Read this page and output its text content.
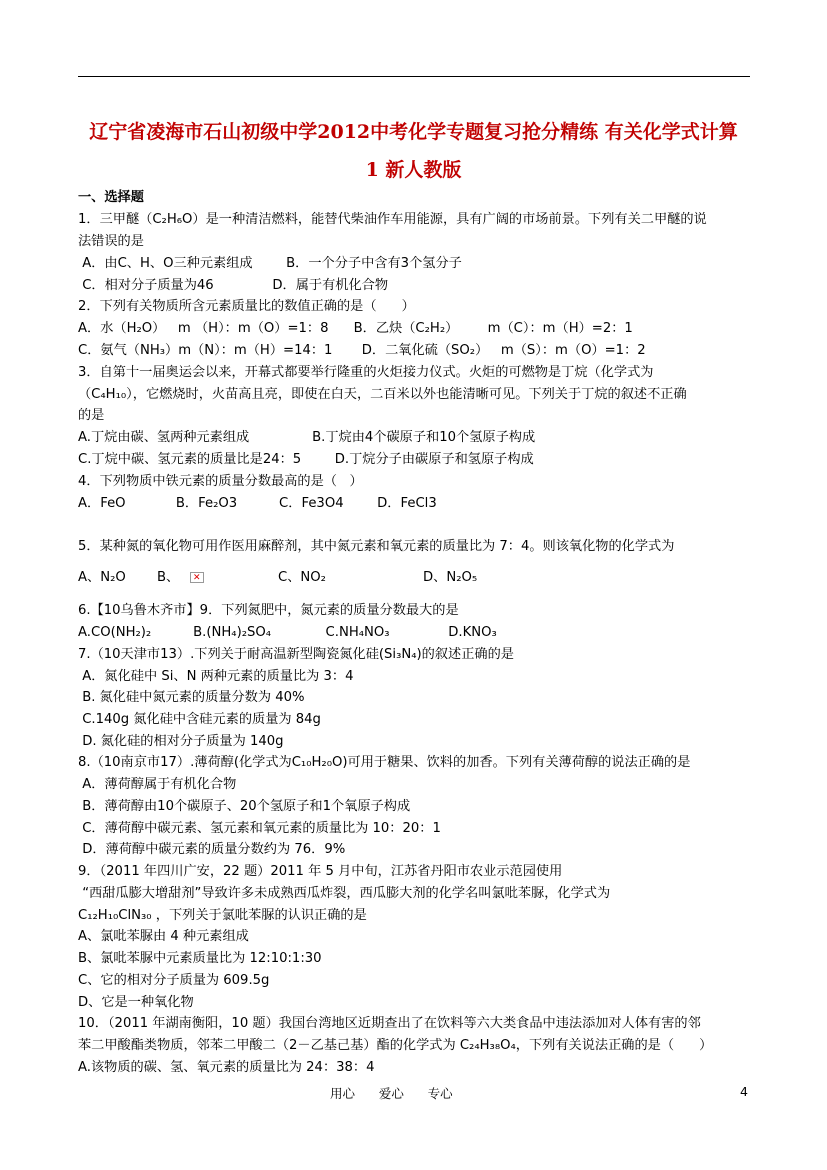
辽宁省凌海市石山初级中学2012中考化学专题复习抢分精练 有关化学式计算
1 新人教版
一、选择题
1．三甲醚（C₂H₆O）是一种清洁燃料，能替代柴油作车用能源，具有广阔的市场前景。下列有关二甲醚的说
法错误的是
A．由C、H、O三种元素组成        B．一个分子中含有3个氢分子
C．相对分子质量为46              D．属于有机化合物
2．下列有关物质所含元素质量比的数值正确的是（      ）
A．水（H₂O）   m （H）：m（O）=1：8      B．乙炔（C₂H₂）       m（C）：m（H）=2：1
C．氨气（NH₃）m（N）：m（H）=14：1       D．二氧化硫（SO₂）   m（S）：m（O）=1：2
3．自第十一届奥运会以来，开幕式都要举行隆重的火炬接力仪式。火炬的可燃物是丁烷（化学式为
（C₄H₁₀），它燃烧时，火苗高且亮，即使在白天，二百米以外也能清晰可见。下列关于丁烷的叙述不正确
的是
A.丁烷由碳、氢两种元素组成               B.丁烷由4个碳原子和10个氢原子构成
C.丁烷中碳、氢元素的质量比是24：5        D.丁烷分子由碳原子和氢原子构成
4．下列物质中铁元素的质量分数最高的是（   ）
A．FeO            B．Fe₂O3          C．Fe3O4        D．FeCl3
5．某种氮的氧化物可用作医用麻醉剂，其中氮元素和氧元素的质量比为 7：4。则该氧化物的化学式为

A、N₂O

B、

✕

	C、NO₂

	D、N₂O₅

6.【10乌鲁木齐市】9．下列氮肥中，氮元素的质量分数最大的是
A.CO(NH₂)₂          B.(NH₄)₂SO₄             C.NH₄NO₃              D.KNO₃
7.（10天津市13）.下列关于耐高温新型陶瓷氮化硅(Si₃N₄)的叙述正确的是
A．氮化硅中 Si、N 两种元素的质量比为 3：4
B. 氮化硅中氮元素的质量分数为 40%
C.140g 氮化硅中含硅元素的质量为 84g
D. 氮化硅的相对分子质量为 140g
8.（10南京市17）.薄荷醇(化学式为C₁₀H₂₀O)可用于糖果、饮料的加香。下列有关薄荷醇的说法正确的是
A．薄荷醇属于有机化合物
B．薄荷醇由10个碳原子、20个氢原子和1个氧原子构成
C．薄荷醇中碳元素、氢元素和氧元素的质量比为 10：20：1
D．薄荷醇中碳元素的质量分数约为 76．9%
9．（2011 年四川广安，22 题）2011 年 5 月中旬，江苏省丹阳市农业示范园使用
“西甜瓜膨大增甜剂”导致许多未成熟西瓜炸裂，西瓜膨大剂的化学名叫氯吡苯脲，化学式为
C₁₂H₁₀ClN₃₀ ，下列关于氯吡苯脲的认识正确的是
A、氯吡苯脲由 4 种元素组成
B、氯吡苯脲中元素质量比为 12:10:1:30
C、它的相对分子质量为 609.5g
D、它是一种氧化物
10．（2011 年湖南衡阳，10 题）我国台湾地区近期查出了在饮料等六大类食品中违法添加对人体有害的邻
苯二甲酸酯类物质，邻苯二甲酸二（2－乙基己基）酯的化学式为 C₂₄H₃₈O₄，下列有关说法正确的是（      ）
A.该物质的碳、氢、氧元素的质量比为 24：38：4
用心      爱心      专心	4
